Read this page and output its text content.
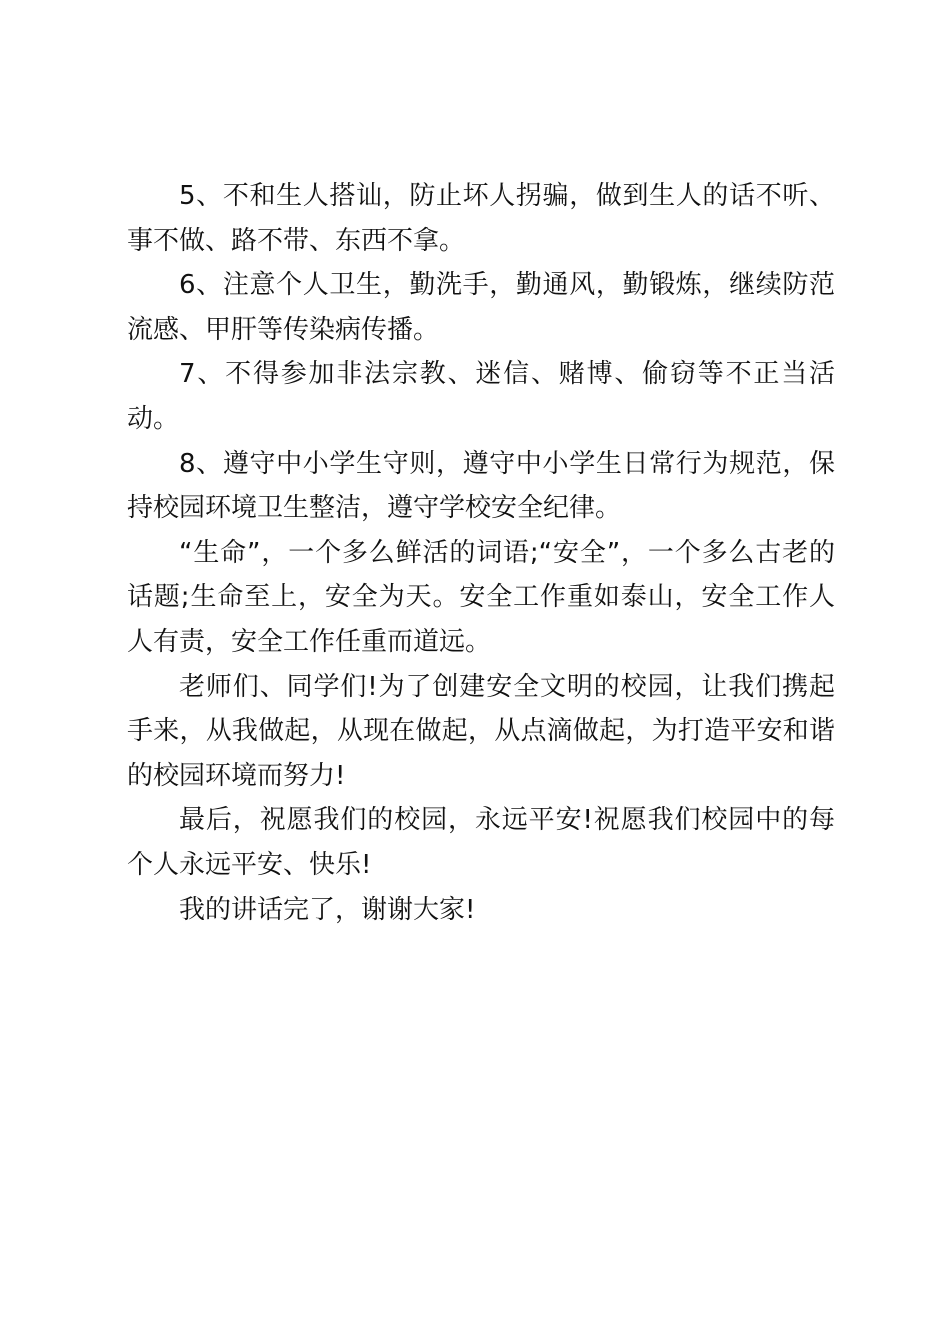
5、不和生人搭讪，防止坏人拐骗，做到生人的话不听、事不做、路不带、东西不拿。

6、注意个人卫生，勤洗手，勤通风，勤锻炼，继续防范流感、甲肝等传染病传播。

7、不得参加非法宗教、迷信、赌博、偷窃等不正当活动。

8、遵守中小学生守则，遵守中小学生日常行为规范，保持校园环境卫生整洁，遵守学校安全纪律。

“生命”，一个多么鲜活的词语;“安全”，一个多么古老的话题;生命至上，安全为天。安全工作重如泰山，安全工作人人有责，安全工作任重而道远。

老师们、同学们!为了创建安全文明的校园，让我们携起手来，从我做起，从现在做起，从点滴做起，为打造平安和谐的校园环境而努力!

最后，祝愿我们的校园，永远平安!祝愿我们校园中的每个人永远平安、快乐!

我的讲话完了，谢谢大家!
